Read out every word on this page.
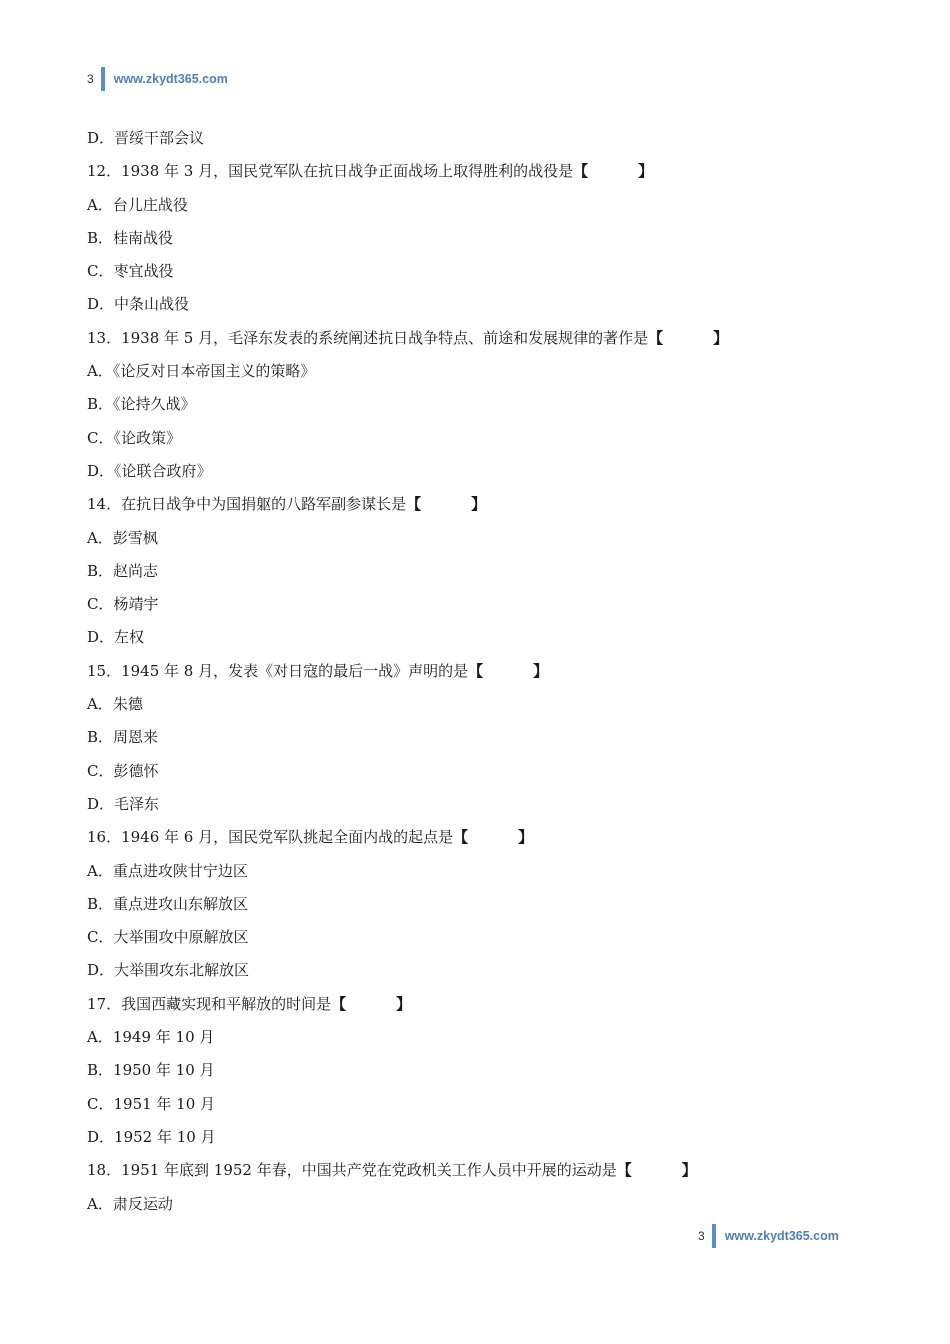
3 www.zkydt365.com
D．晋绥干部会议
12．1938 年 3 月，国民党军队在抗日战争正面战场上取得胜利的战役是【	】
A．台儿庄战役
B．桂南战役
C．枣宜战役
D．中条山战役
13．1938 年 5 月，毛泽东发表的系统阐述抗日战争特点、前途和发展规律的著作是【	】
A．《论反对日本帝国主义的策略》
B．《论持久战》
C．《论政策》
D．《论联合政府》
14．在抗日战争中为国捐躯的八路军副参谋长是【	】
A．彭雪枫
B．赵尚志
C．杨靖宇
D．左权
15．1945 年 8 月，发表《对日寇的最后一战》声明的是【	】
A．朱德
B．周恩来
C．彭德怀
D．毛泽东
16．1946 年 6 月，国民党军队挑起全面内战的起点是【	】
A．重点进攻陕甘宁边区
B．重点进攻山东解放区
C．大举围攻中原解放区
D．大举围攻东北解放区
17．我国西藏实现和平解放的时间是【	】
A．1949 年 10 月
B．1950 年 10 月
C．1951 年 10 月
D．1952 年 10 月
18．1951 年底到 1952 年春，中国共产党在党政机关工作人员中开展的运动是【	】
A．肃反运动
3 www.zkydt365.com
